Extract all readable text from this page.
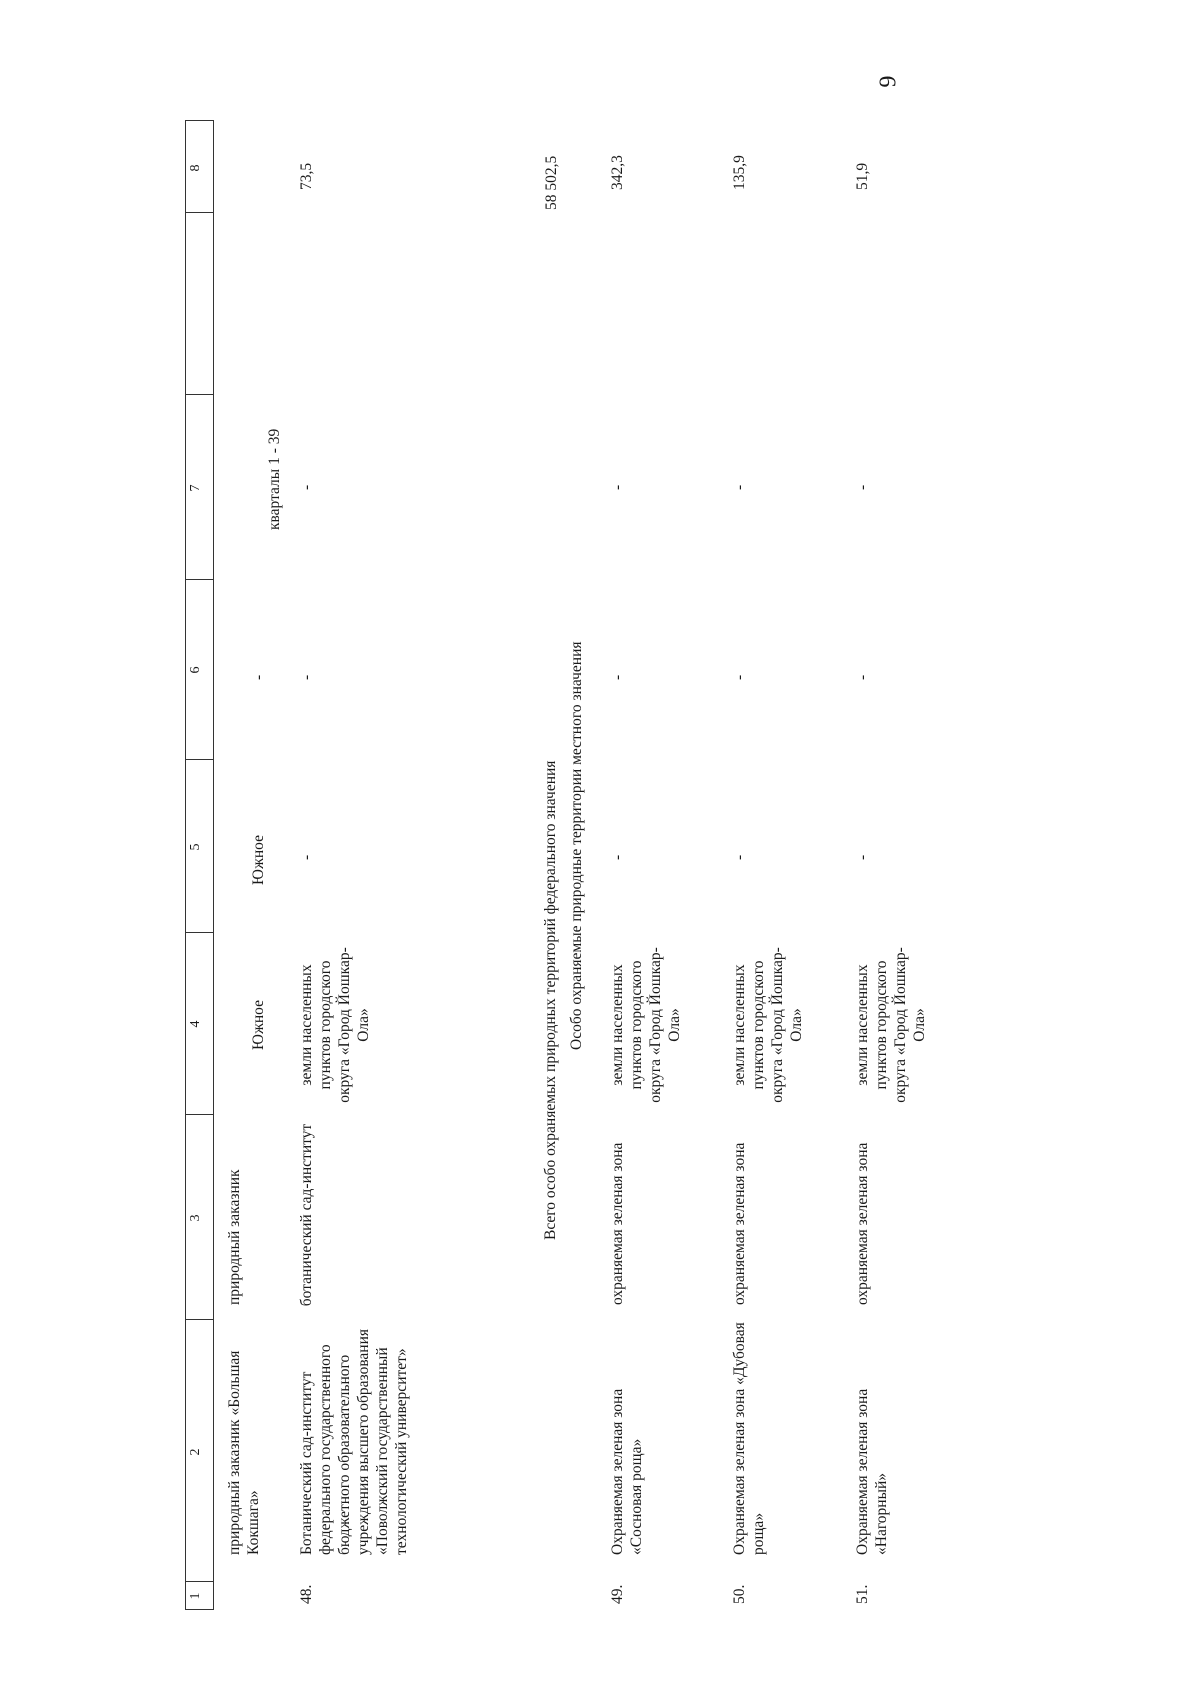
6
1
2
3
4
5
6
7
8
природный заказник «Большая Кокшага»
природный заказник
Южное
Южное
-
кварталы 1 - 39
48.
Ботанический сад-институт федерального государственного бюджетного образовательного учреждения высшего образования «Поволжский государственный технологический университет»
ботанический сад-институт
земли населенных пунктов городского округа «Город Йошкар-Ола»
-
-
-
73,5
Всего особо охраняемых природных территорий федерального значения
58 502,5
Особо охраняемые природные территории местного значения
49.
Охраняемая зеленая зона «Сосновая роща»
охраняемая зеленая зона
земли населенных пунктов городского округа «Город Йошкар-Ола»
-
-
-
342,3
50.
Охраняемая зеленая зона «Дубовая роща»
охраняемая зеленая зона
земли населенных пунктов городского округа «Город Йошкар-Ола»
-
-
-
135,9
51.
Охраняемая зеленая зона «Нагорный»
охраняемая зеленая зона
земли населенных пунктов городского округа «Город Йошкар-Ола»
-
-
-
51,9
